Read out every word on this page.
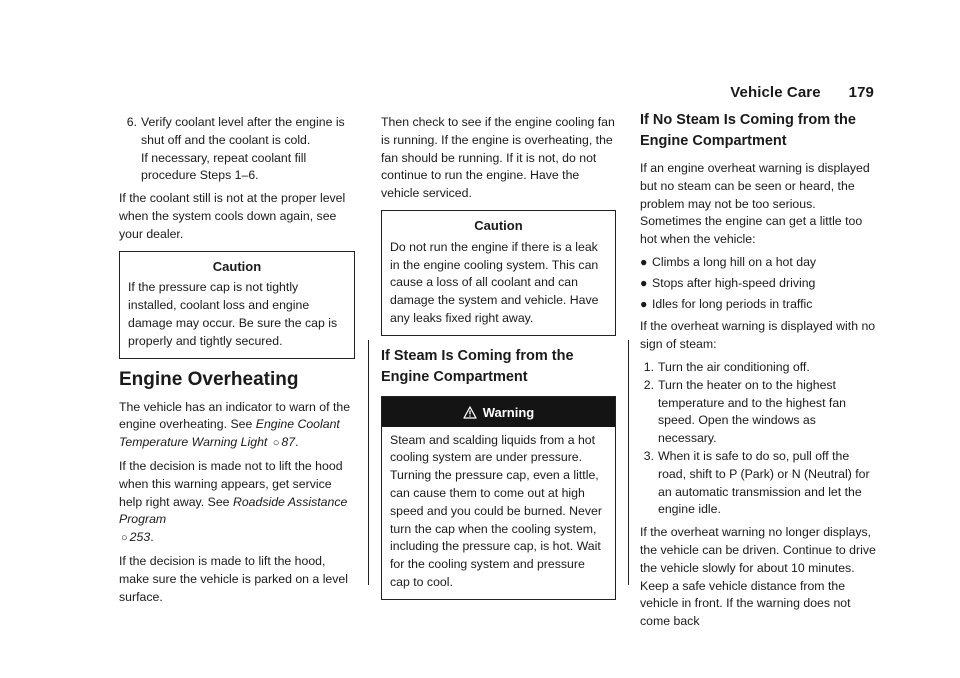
Vehicle Care 179
6. Verify coolant level after the engine is shut off and the coolant is cold.
If necessary, repeat coolant fill procedure Steps 1–6.

If the coolant still is not at the proper level when the system cools down again, see your dealer.

Caution
If the pressure cap is not tightly installed, coolant loss and engine damage may occur. Be sure the cap is properly and tightly secured.
Engine Overheating

The vehicle has an indicator to warn of the engine overheating. See Engine Coolant Temperature Warning Light ○ 87.

If the decision is made not to lift the hood when this warning appears, get service help right away. See Roadside Assistance Program
○ 253.

If the decision is made to lift the hood, make sure the vehicle is parked on a level surface.

Then check to see if the engine cooling fan is running. If the engine is overheating, the fan should be running. If it is not, do not continue to run the engine. Have the vehicle serviced.

Caution
Do not run the engine if there is a leak in the engine cooling system. This can cause a loss of all coolant and can damage the system and vehicle. Have any leaks fixed right away.
If Steam Is Coming from the Engine Compartment
Warning
Steam and scalding liquids from a hot cooling system are under pressure. Turning the pressure cap, even a little, can cause them to come out at high speed and you could be burned. Never turn the cap when the cooling system, including the pressure cap, is hot. Wait for the cooling system and pressure cap to cool.
If No Steam Is Coming from the Engine Compartment

If an engine overheat warning is displayed but no steam can be seen or heard, the problem may not be too serious. Sometimes the engine can get a little too hot when the vehicle:

● Climbs a long hill on a hot day
● Stops after high-speed driving
● Idles for long periods in traffic

If the overheat warning is displayed with no sign of steam:

1. Turn the air conditioning off.
2. Turn the heater on to the highest temperature and to the highest fan speed. Open the windows as necessary.
3. When it is safe to do so, pull off the road, shift to P (Park) or N (Neutral) for an automatic transmission and let the engine idle.

If the overheat warning no longer displays, the vehicle can be driven. Continue to drive the vehicle slowly for about 10 minutes. Keep a safe vehicle distance from the vehicle in front. If the warning does not come back
